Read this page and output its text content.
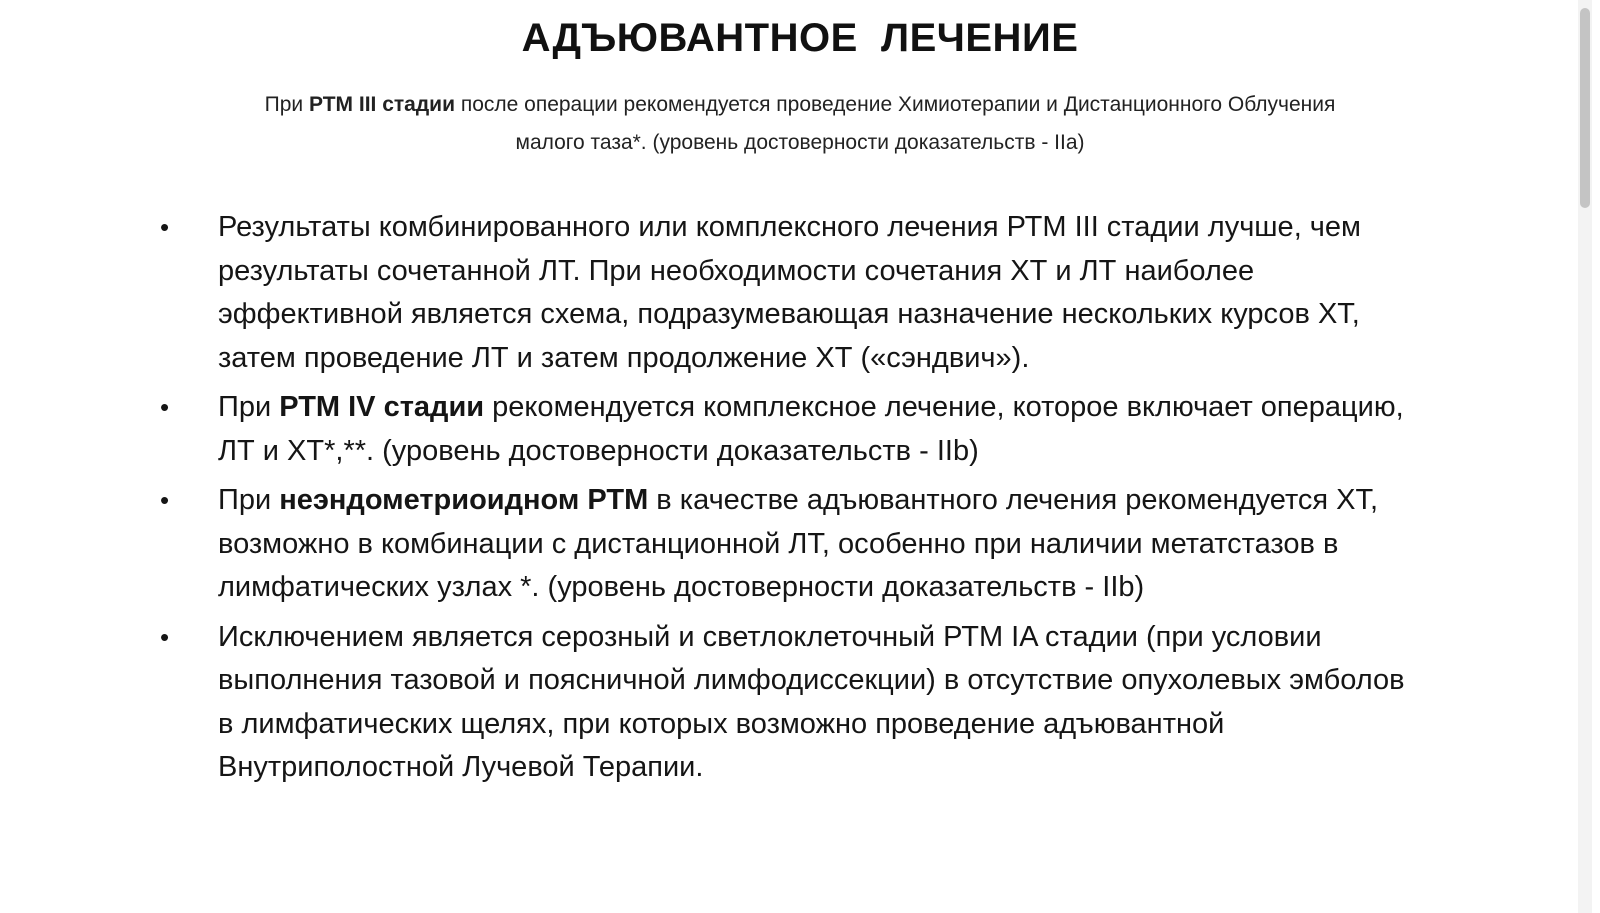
АДЪЮВАНТНОЕ  ЛЕЧЕНИЕ
При РТМ III стадии после операции рекомендуется проведение Химиотерапии и Дистанционного Облучения
малого таза*. (уровень достоверности доказательств - IIa)
• Результаты комбинированного или комплексного лечения РТМ III стадии лучше, чем результаты сочетанной ЛТ. При необходимости сочетания ХТ и ЛТ наиболее эффективной является схема, подразумевающая назначение нескольких курсов ХТ, затем проведение ЛТ и затем продолжение ХТ («сэндвич»).
• При РТМ IV стадии рекомендуется комплексное лечение, которое включает операцию, ЛТ и ХТ*,**. (уровень достоверности доказательств - IIb)
• При неэндометриоидном РТМ в качестве адъювантного лечения рекомендуется ХТ, возможно в комбинации с дистанционной ЛТ, особенно при наличии метатстазов в лимфатических узлах *. (уровень достоверности доказательств - IIb)
• Исключением является серозный и светлоклеточный РТМ IA стадии (при условии выполнения тазовой и поясничной лимфодиссекции) в отсутствие опухолевых эмболов в лимфатических щелях, при которых возможно проведение адъювантной Внутриполостной Лучевой Терапии.
